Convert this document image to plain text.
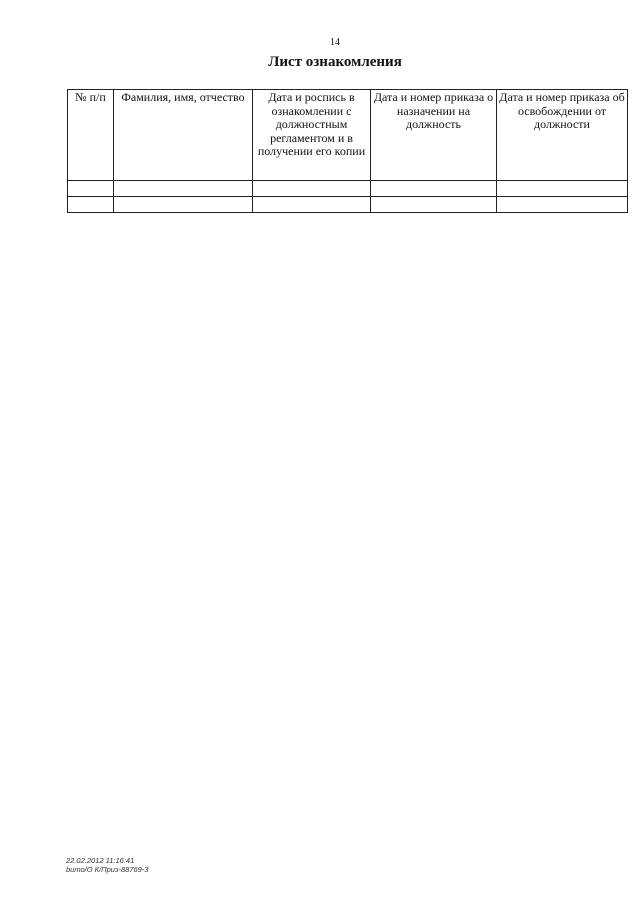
14
Лист ознакомления
№ п/п	Фамилия, имя, отчество	Дата и роспись в ознакомлении с должностным регламентом и в получении его копии	Дата и номер приказа о назначении на должность	Дата и номер приказа об освобождении от должности

22.02.2012 11:16:41
bито/О К/Приз-88769-3
